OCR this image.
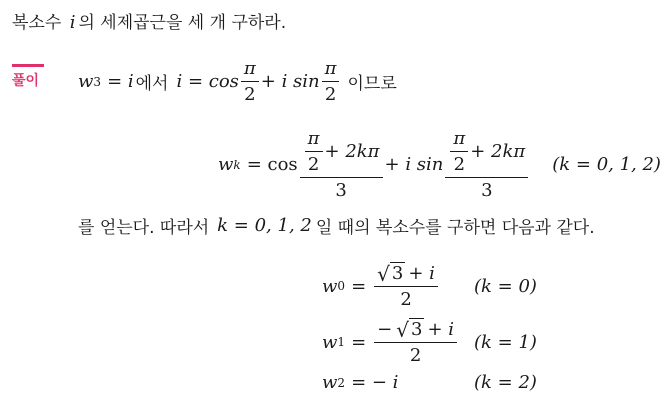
복소수 i 의 세제곱근을 세 개 구하라.
풀이 w 3 = i 에서 $i = \cos \frac{\pi}{2} + i$ $\sin \frac{\pi}{2}$ 이므로
w $k = \cos \frac{\frac{\pi}{2} + 2k\pi}{3} + i$ $\sin \frac{\frac{\pi}{2} + 2k\pi}{3} (k = 0$, 1, 2)
를 얻는다. 따라서 k = 0, 1, 2 일 때의 복소수를 구하면 다음과 같다.
w $0 = \frac{√ 3 + i}{2} (k = 0)$
w $1 = \frac{- √ 3 + i}{2} (k = 1)$
w 2 = − i	(k = 2)
